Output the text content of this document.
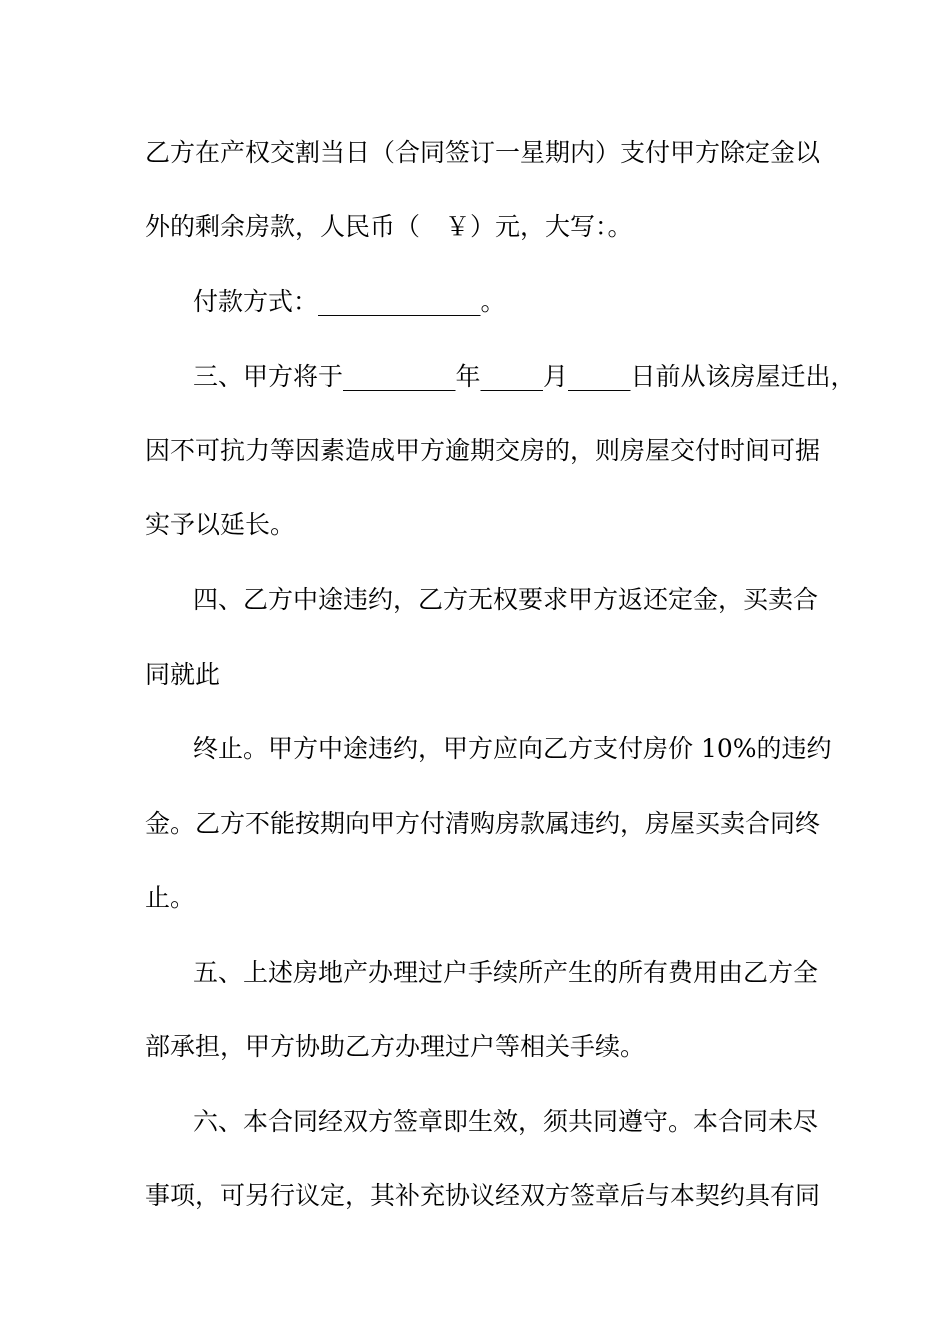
乙方在产权交割当日（合同签订一星期内）支付甲方除定金以
外的剩余房款，人民币（　￥）元，大写：。
付款方式：_____________。
三、甲方将于_________年_____月_____日前从该房屋迁出，
因不可抗力等因素造成甲方逾期交房的，则房屋交付时间可据
实予以延长。
四、乙方中途违约，乙方无权要求甲方返还定金，买卖合
同就此
终止。甲方中途违约，甲方应向乙方支付房价 10%的违约
金。乙方不能按期向甲方付清购房款属违约，房屋买卖合同终
止。
五、上述房地产办理过户手续所产生的所有费用由乙方全
部承担，甲方协助乙方办理过户等相关手续。
六、本合同经双方签章即生效，须共同遵守。本合同未尽
事项，可另行议定，其补充协议经双方签章后与本契约具有同
